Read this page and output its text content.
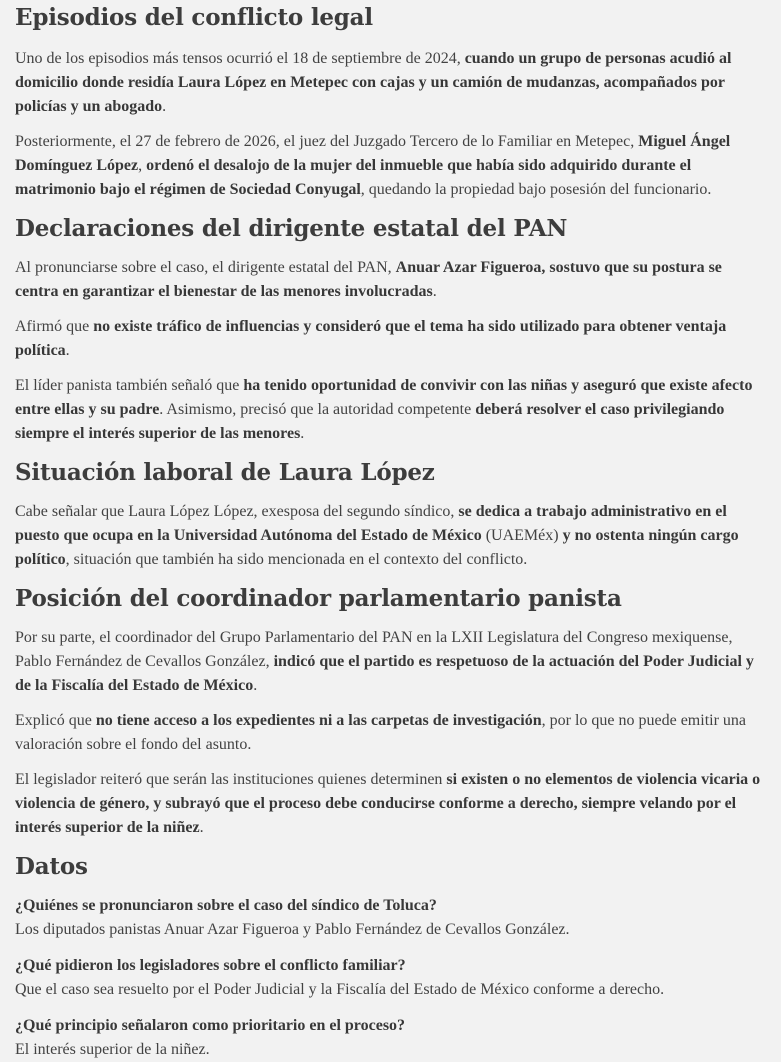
Episodios del conflicto legal

Uno de los episodios más tensos ocurrió el 18 de septiembre de 2024, cuando un grupo de personas acudió al domicilio donde residía Laura López en Metepec con cajas y un camión de mudanzas, acompañados por policías y un abogado.

Posteriormente, el 27 de febrero de 2026, el juez del Juzgado Tercero de lo Familiar en Metepec, Miguel Ángel Domínguez López, ordenó el desalojo de la mujer del inmueble que había sido adquirido durante el matrimonio bajo el régimen de Sociedad Conyugal, quedando la propiedad bajo posesión del funcionario.

Declaraciones del dirigente estatal del PAN

Al pronunciarse sobre el caso, el dirigente estatal del PAN, Anuar Azar Figueroa, sostuvo que su postura se centra en garantizar el bienestar de las menores involucradas.

Afirmó que no existe tráfico de influencias y consideró que el tema ha sido utilizado para obtener ventaja política.

El líder panista también señaló que ha tenido oportunidad de convivir con las niñas y aseguró que existe afecto entre ellas y su padre. Asimismo, precisó que la autoridad competente deberá resolver el caso privilegiando siempre el interés superior de las menores.

Situación laboral de Laura López

Cabe señalar que Laura López López, exesposa del segundo síndico, se dedica a trabajo administrativo en el puesto que ocupa en la Universidad Autónoma del Estado de México (UAEMéx) y no ostenta ningún cargo político, situación que también ha sido mencionada en el contexto del conflicto.

Posición del coordinador parlamentario panista

Por su parte, el coordinador del Grupo Parlamentario del PAN en la LXII Legislatura del Congreso mexiquense, Pablo Fernández de Cevallos González, indicó que el partido es respetuoso de la actuación del Poder Judicial y de la Fiscalía del Estado de México.

Explicó que no tiene acceso a los expedientes ni a las carpetas de investigación, por lo que no puede emitir una valoración sobre el fondo del asunto.

El legislador reiteró que serán las instituciones quienes determinen si existen o no elementos de violencia vicaria o violencia de género, y subrayó que el proceso debe conducirse conforme a derecho, siempre velando por el interés superior de la niñez.

Datos

¿Quiénes se pronunciaron sobre el caso del síndico de Toluca?

Los diputados panistas Anuar Azar Figueroa y Pablo Fernández de Cevallos González.

¿Qué pidieron los legisladores sobre el conflicto familiar?

Que el caso sea resuelto por el Poder Judicial y la Fiscalía del Estado de México conforme a derecho.

¿Qué principio señalaron como prioritario en el proceso?

El interés superior de la niñez.
